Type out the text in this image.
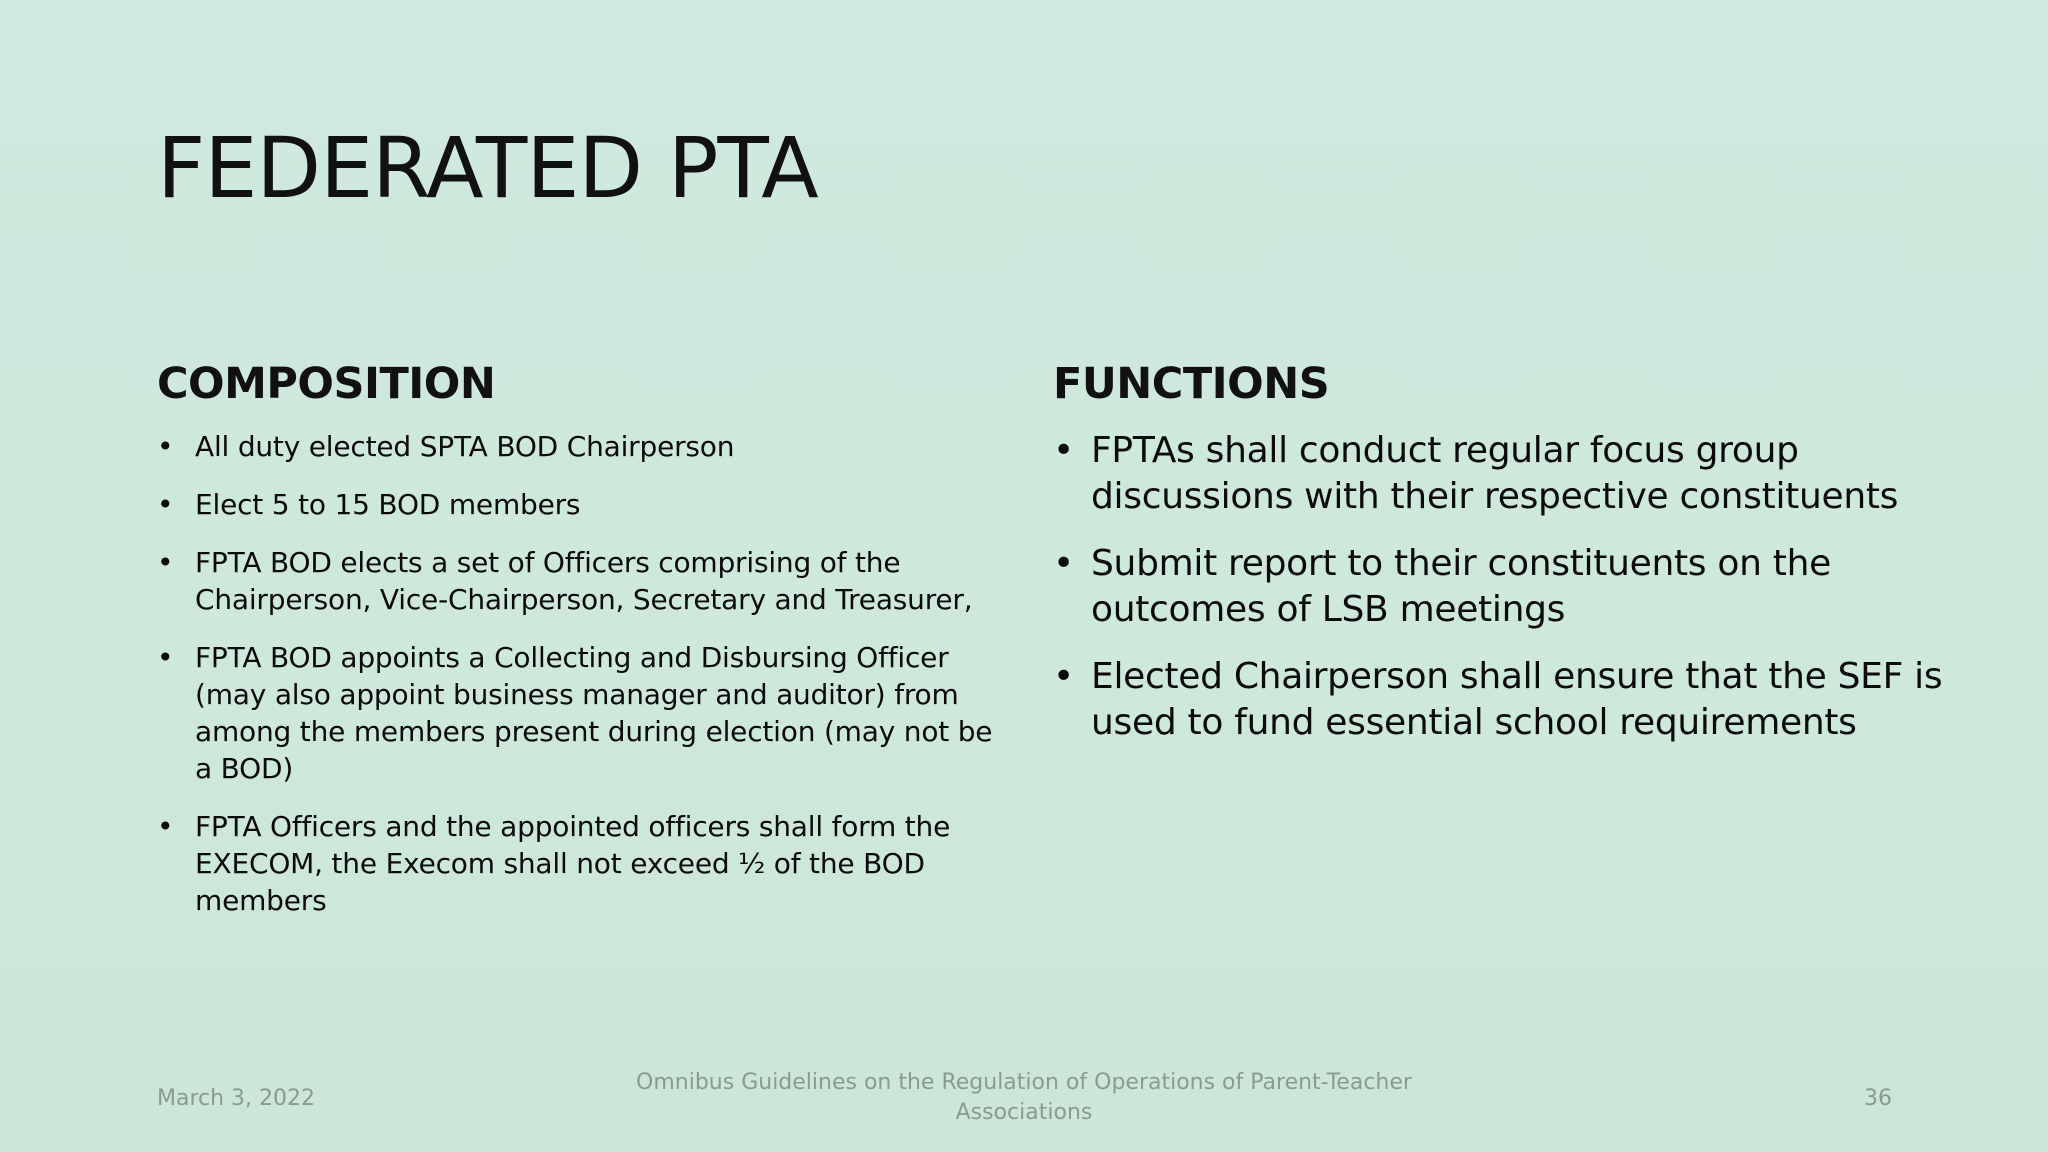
FEDERATED PTA
COMPOSITION
• All duty elected SPTA BOD Chairperson
• Elect 5 to 15 BOD members
• FPTA BOD elects a set of Officers comprising of the Chairperson, Vice-Chairperson, Secretary and Treasurer,
• FPTA BOD appoints a Collecting and Disbursing Officer (may also appoint business manager and auditor) from among the members present during election (may not be a BOD)
• FPTA Officers and the appointed officers shall form the EXECOM, the Execom shall not exceed ½ of the BOD members
FUNCTIONS
• FPTAs shall conduct regular focus group discussions with their respective constituents
• Submit report to their constituents on the outcomes of LSB meetings
• Elected Chairperson shall ensure that the SEF is used to fund essential school requirements
March 3, 2022
Omnibus Guidelines on the Regulation of Operations of Parent-Teacher Associations
36
